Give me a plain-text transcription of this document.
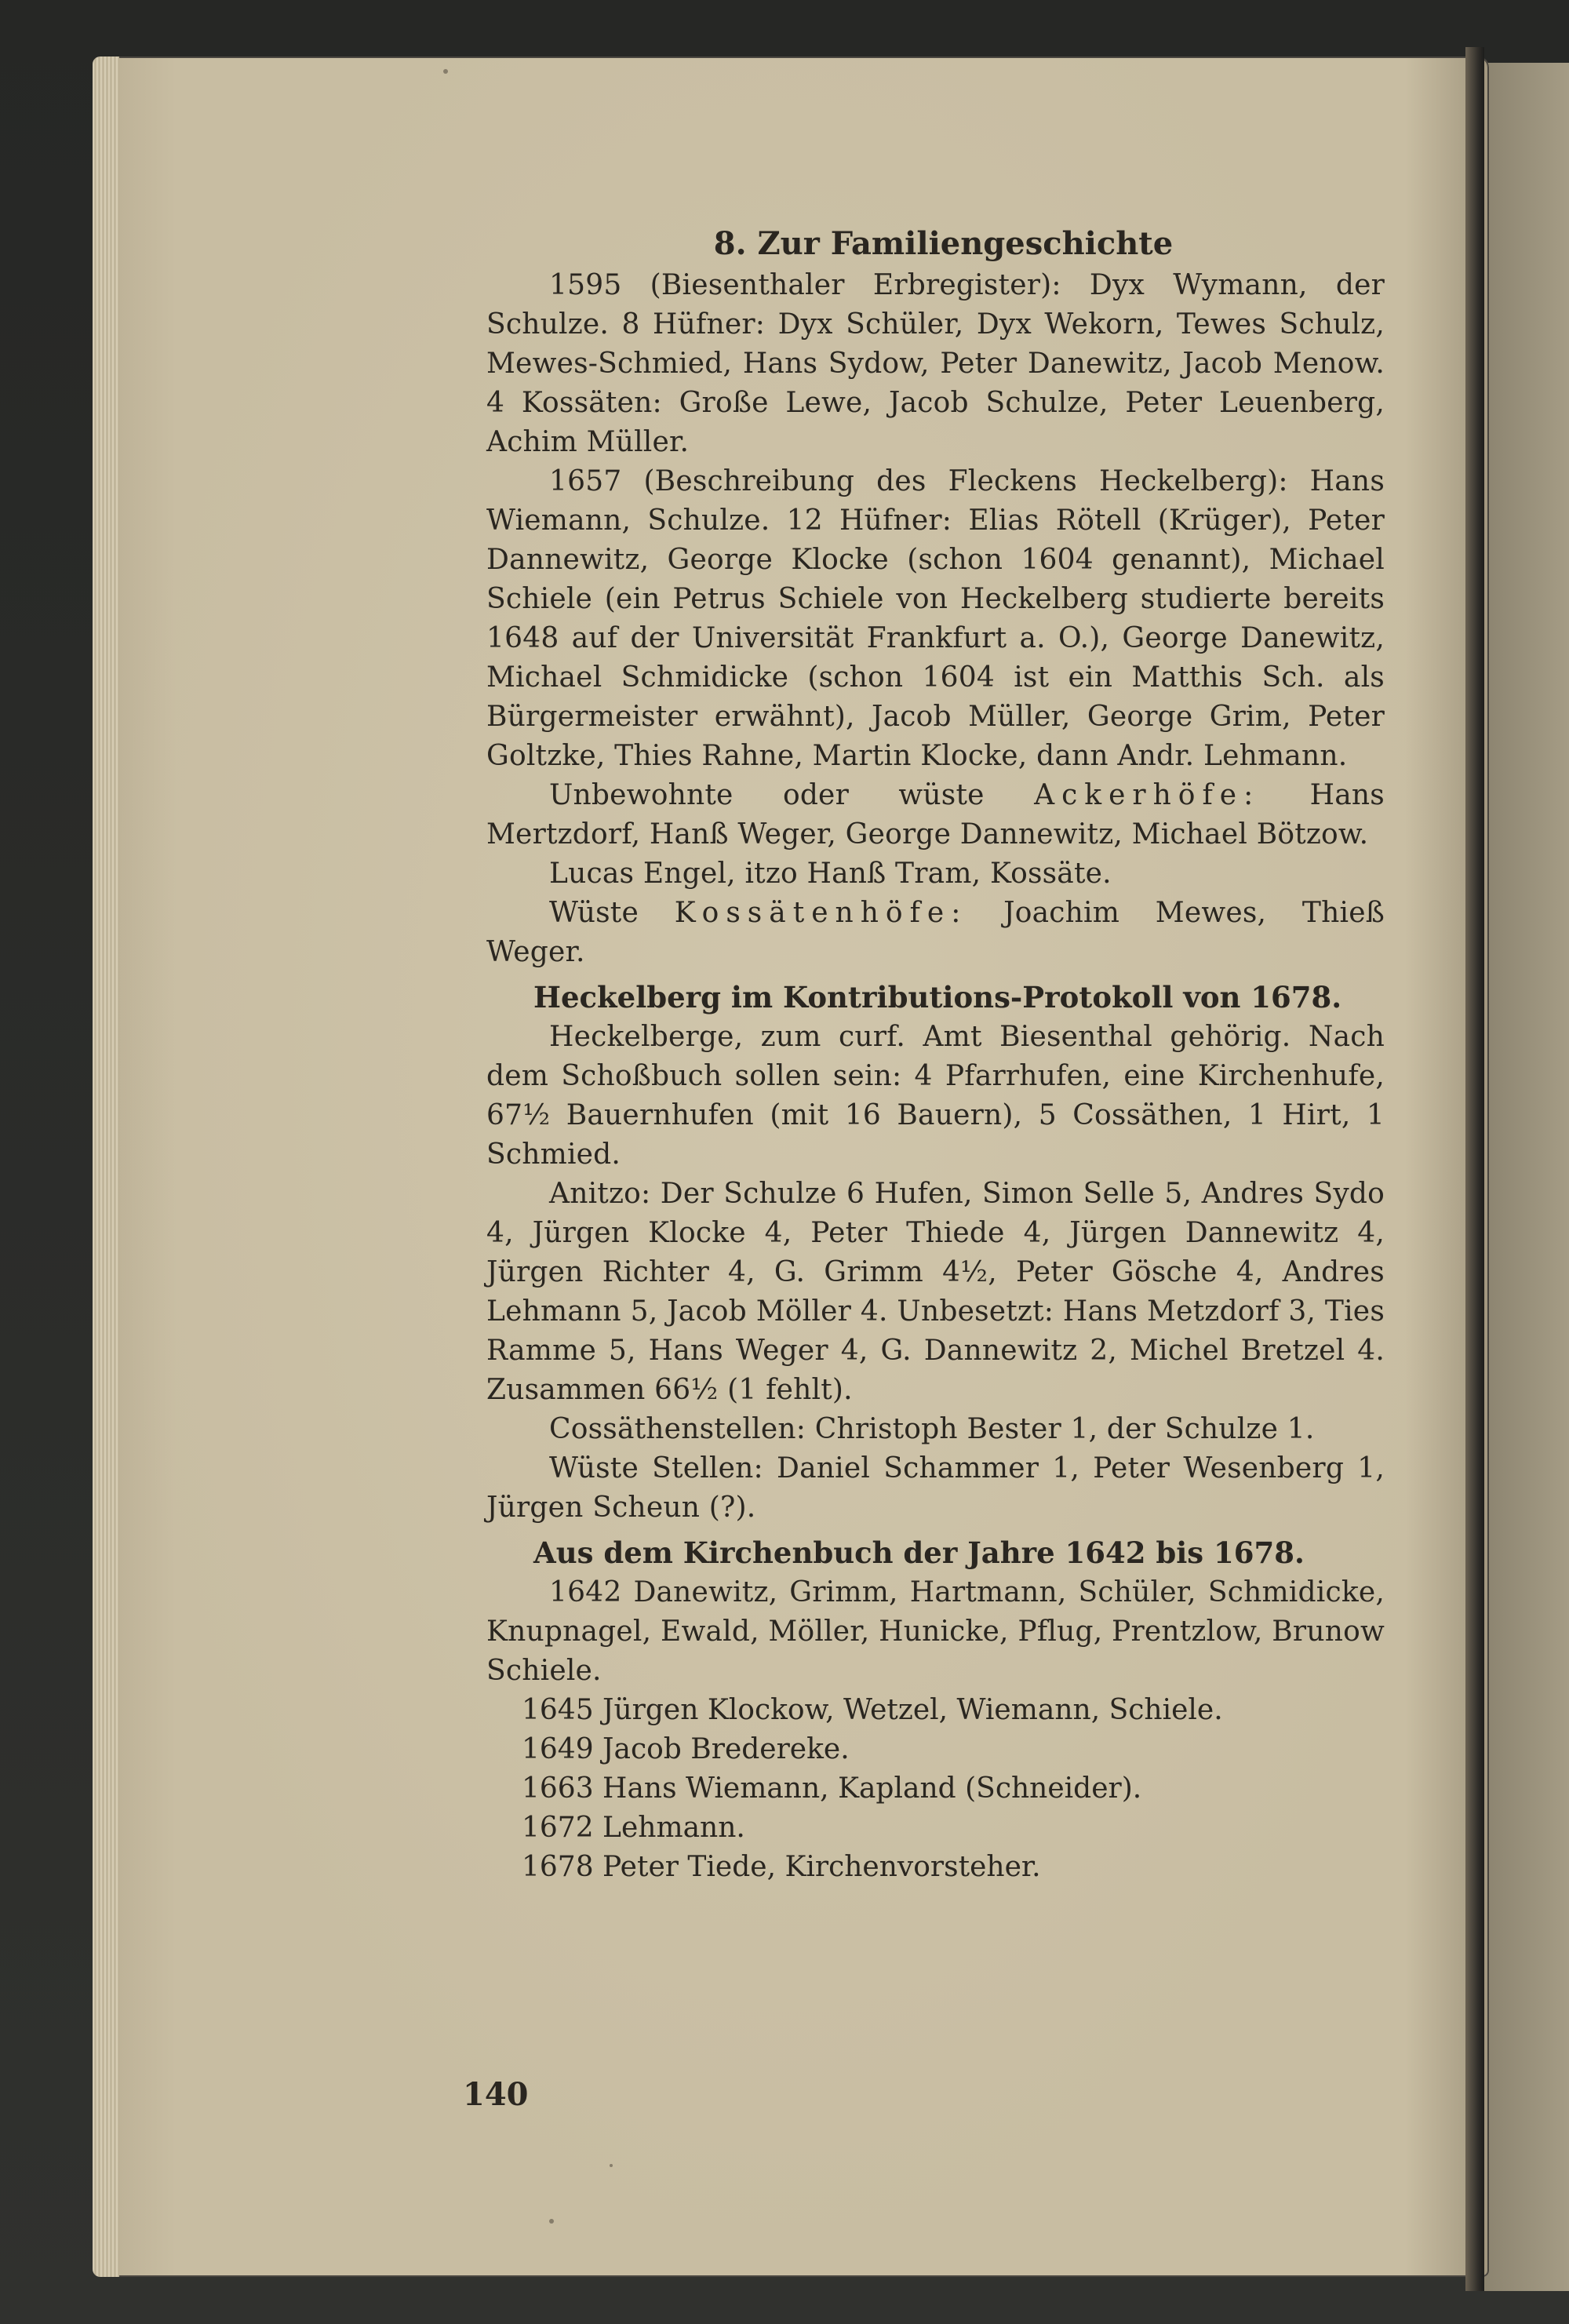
8. Zur Familiengeschichte

1595 (Biesenthaler Erbregister): Dyx Wymann, der Schulze. 8 Hüfner: Dyx Schüler, Dyx Wekorn, Tewes Schulz, Mewes-Schmied, Hans Sydow, Peter Danewitz, Jacob Menow. 4 Kossäten: Große Lewe, Jacob Schulze, Peter Leuenberg, Achim Müller.

1657 (Beschreibung des Fleckens Heckelberg): Hans Wiemann, Schulze. 12 Hüfner: Elias Rötell (Krüger), Peter Dannewitz, George Klocke (schon 1604 genannt), Michael Schiele (ein Petrus Schiele von Heckelberg studierte bereits 1648 auf der Universität Frankfurt a. O.), George Danewitz, Michael Schmidicke (schon 1604 ist ein Matthis Sch. als Bürgermeister erwähnt), Jacob Müller, George Grim, Peter Goltzke, Thies Rahne, Martin Klocke, dann Andr. Lehmann.

Unbewohnte oder wüste Ackerhöfe: Hans Mertzdorf, Hanß Weger, George Dannewitz, Michael Bötzow.

Lucas Engel, itzo Hanß Tram, Kossäte.

Wüste Kossätenhöfe: Joachim Mewes, Thieß Weger.

Heckelberg im Kontributions-Protokoll von 1678.

Heckelberge, zum curf. Amt Biesenthal gehörig. Nach dem Schoßbuch sollen sein: 4 Pfarrhufen, eine Kirchenhufe, 67½ Bauernhufen (mit 16 Bauern), 5 Cossäthen, 1 Hirt, 1 Schmied.

Anitzo: Der Schulze 6 Hufen, Simon Selle 5, Andres Sydo 4, Jürgen Klocke 4, Peter Thiede 4, Jürgen Dannewitz 4, Jürgen Richter 4, G. Grimm 4½, Peter Gösche 4, Andres Lehmann 5, Jacob Möller 4. Unbesetzt: Hans Metzdorf 3, Ties Ramme 5, Hans Weger 4, G. Dannewitz 2, Michel Bretzel 4. Zusammen 66½ (1 fehlt).

Cossäthenstellen: Christoph Bester 1, der Schulze 1.

Wüste Stellen: Daniel Schammer 1, Peter Wesenberg 1, Jürgen Scheun (?).

Aus dem Kirchenbuch der Jahre 1642 bis 1678.

1642 Danewitz, Grimm, Hartmann, Schüler, Schmidicke, Knupnagel, Ewald, Möller, Hunicke, Pflug, Prentzlow, Brunow Schiele.

1645 Jürgen Klockow, Wetzel, Wiemann, Schiele.

1649 Jacob Bredereke.

1663 Hans Wiemann, Kapland (Schneider).

1672 Lehmann.

1678 Peter Tiede, Kirchenvorsteher.

140
